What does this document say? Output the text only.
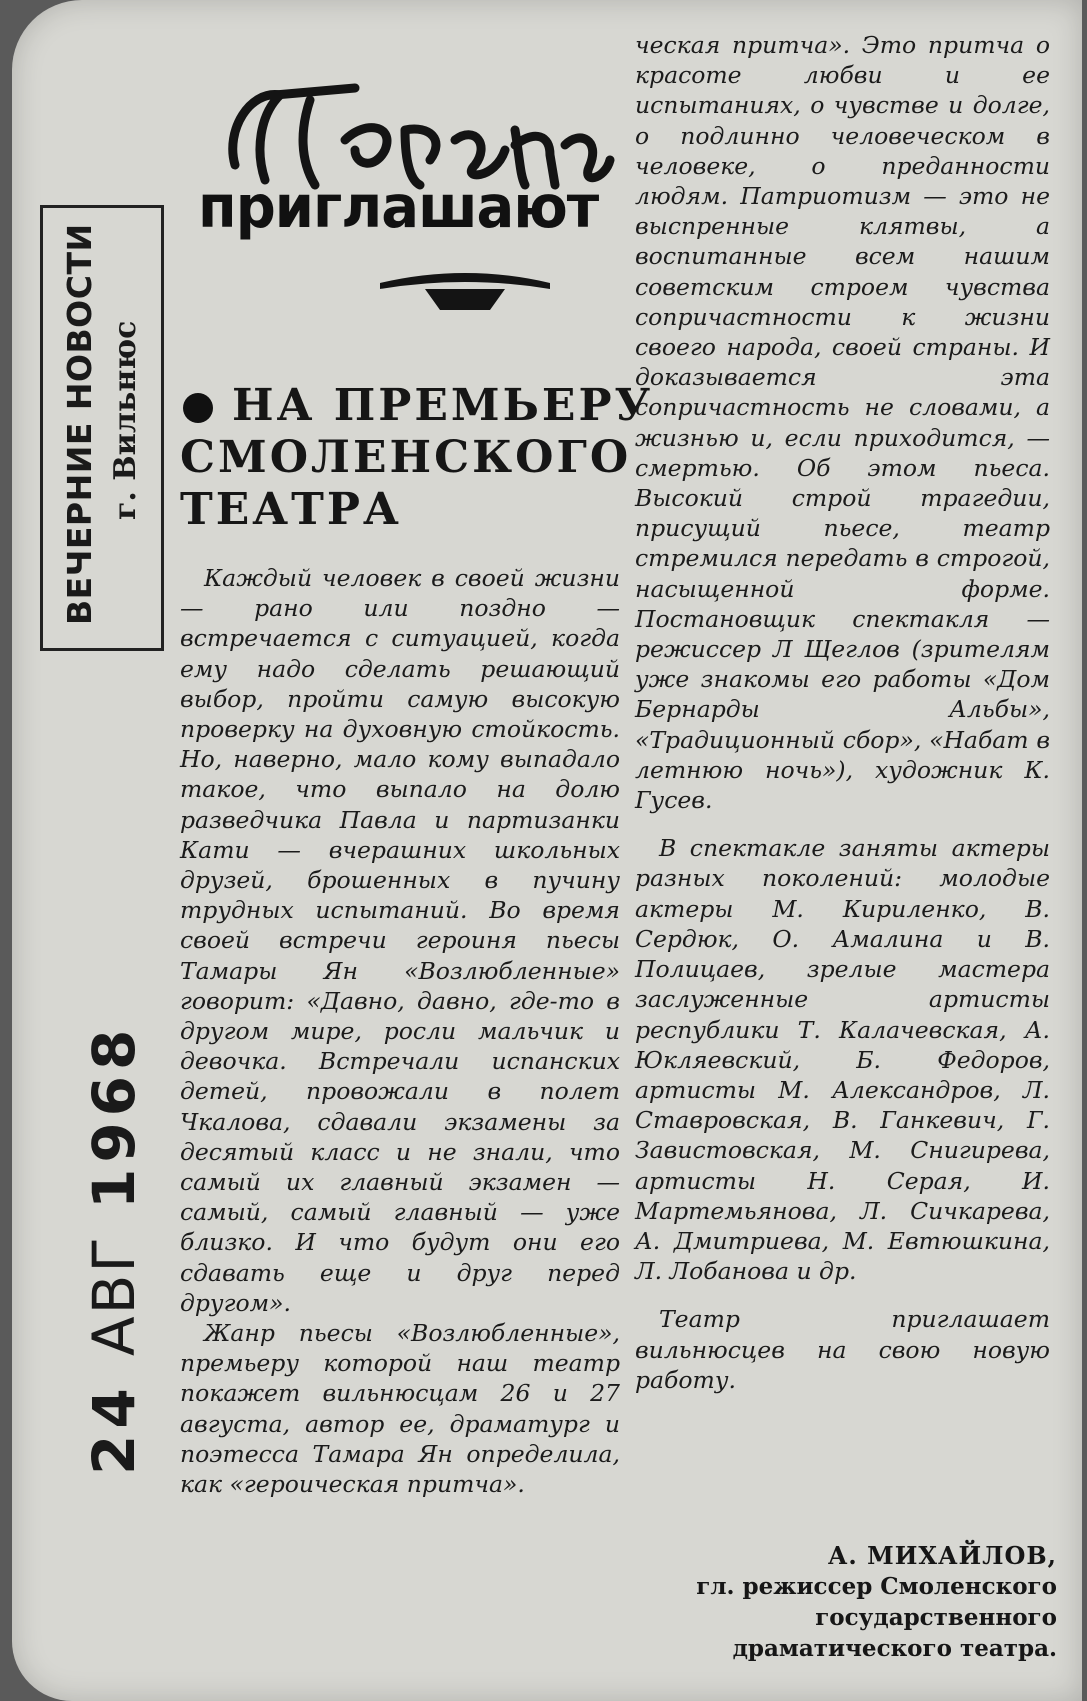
ВЕЧЕРНИЕ НОВОСТИ г. Вильнюс
24 АВГ 1968
приглашают
НА ПРЕМЬЕРУ
СМОЛЕНСКОГО
ТЕАТРА

Каждый человек в своей жизни — рано или поздно — встречается с ситуацией, когда ему надо сделать решающий выбор, пройти самую высокую проверку на духовную стойкость. Но, наверно, мало кому выпадало такое, что выпало на долю разведчика Павла и партизанки Кати — вчерашних школьных друзей, брошенных в пучину трудных испытаний. Во время своей встречи героиня пьесы Тамары Ян «Возлюбленные» говорит: «Давно, давно, где-то в другом мире, росли мальчик и девочка. Встречали испанских детей, провожали в полет Чкалова, сдавали экзамены за десятый класс и не знали, что самый их главный экзамен — самый, самый главный — уже близко. И что будут они его сдавать еще и друг перед другом».

Жанр пьесы «Возлюбленные», премьеру которой наш театр покажет вильнюсцам 26 и 27 августа, автор ее, драматург и поэтесса Тамара Ян определила, как «героическая притча».

ческая притча». Это притча о красоте любви и ее испытаниях, о чувстве и долге, о подлинно человеческом в человеке, о преданности людям. Патриотизм — это не выспренные клятвы, а воспитанные всем нашим советским строем чувства сопричастности к жизни своего народа, своей страны. И доказывается эта сопричастность не словами, а жизнью и, если приходится, — смертью. Об этом пьеса. Высокий строй трагедии, присущий пьесе, театр стремился передать в строгой, насыщенной форме. Постановщик спектакля — режиссер Л Щеглов (зрителям уже знакомы его работы «Дом Бернарды Альбы», «Традиционный сбор», «Набат в летнюю ночь»), художник К. Гусев.

В спектакле заняты актеры разных поколений: молодые актеры М. Кириленко, В. Сердюк, О. Амалина и В. Полицаев, зрелые мастера заслуженные артисты республики Т. Калачевская, А. Юкляевский, Б. Федоров, артисты М. Александров, Л. Ставровская, В. Ганкевич, Г. Завистовская, М. Снигирева, артисты Н. Серая, И. Мартемьянова, Л. Сичкарева, А. Дмитриева, М. Евтюшкина, Л. Лобанова и др.

Театр приглашает вильнюсцев на свою новую работу.

А. МИХАЙЛОВ,
гл. режиссер Смоленского
государственного
драматического театра.
